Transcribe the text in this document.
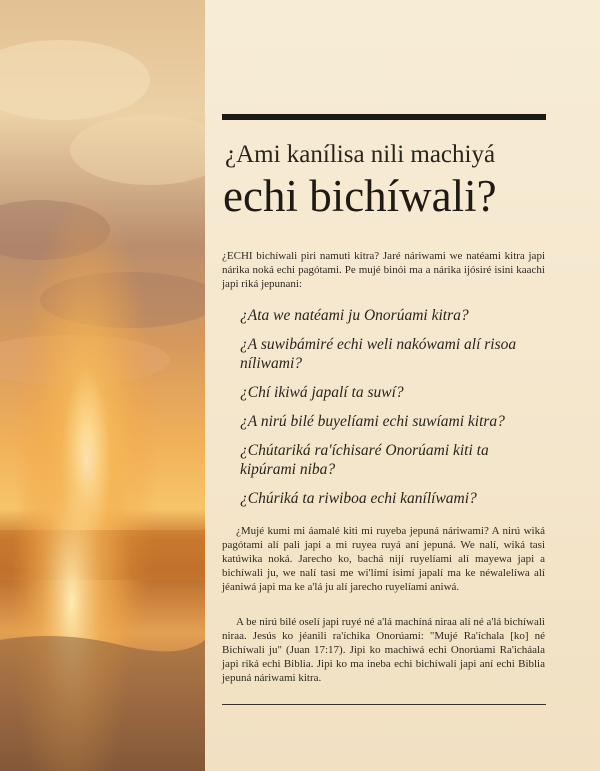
¿Ami kanílisa nili machiyá
echi bichíwali?
¿ECHI bichíwali piri namuti kitra? Jaré náriwami we natéami kitra japi nárika noká echi pagótami. Pe mujé binói ma a nárika ijósiré isini kaachi japi riká jepunani:
¿Ata we natéami ju Onorúami kitra?
¿A suwibámiré echi weli nakówami alí risoa níliwami?
¿Chí ikiwá japalí ta suwí?
¿A nirú bilé buyelíami echi suwíami kitra?
¿Chútariká ra'íchisaré Onorúami kiti ta kipúrami niba?
¿Chúriká ta riwiboa echi kanílíwami?

¿Mujé kumi mi áamalé kiti mi ruyeba jepuná náriwami? A nirú wiká pagótami alí pali japi a mi ruyea ruyá aní jepuná. We nalí, wiká tasi katúwika noká. Jarecho ko, bachá nijí ruyelíami alí mayewa japi a bichíwali ju, we nalí tasi me wi'límí isimí japalí ma ke néwalelíwa alí jéaniwá japi ma ke a'lá ju alí jarecho ruyelíami aniwá.

A be nirú bilé oselí japi ruyé né a'lá machíná niraa alí né a'lá bichíwali niraa. Jesús ko jéanili ra'íchika Onorúami: "Mujé Ra'íchala [ko] né Bichíwali ju" (Juan 17:17). Jipi ko machiwá echi Onorúami Ra'icháala japi riká echi Biblia. Jipi ko ma ineba echi bichíwali japi aní echi Biblia jepuná náriwami kitra.
